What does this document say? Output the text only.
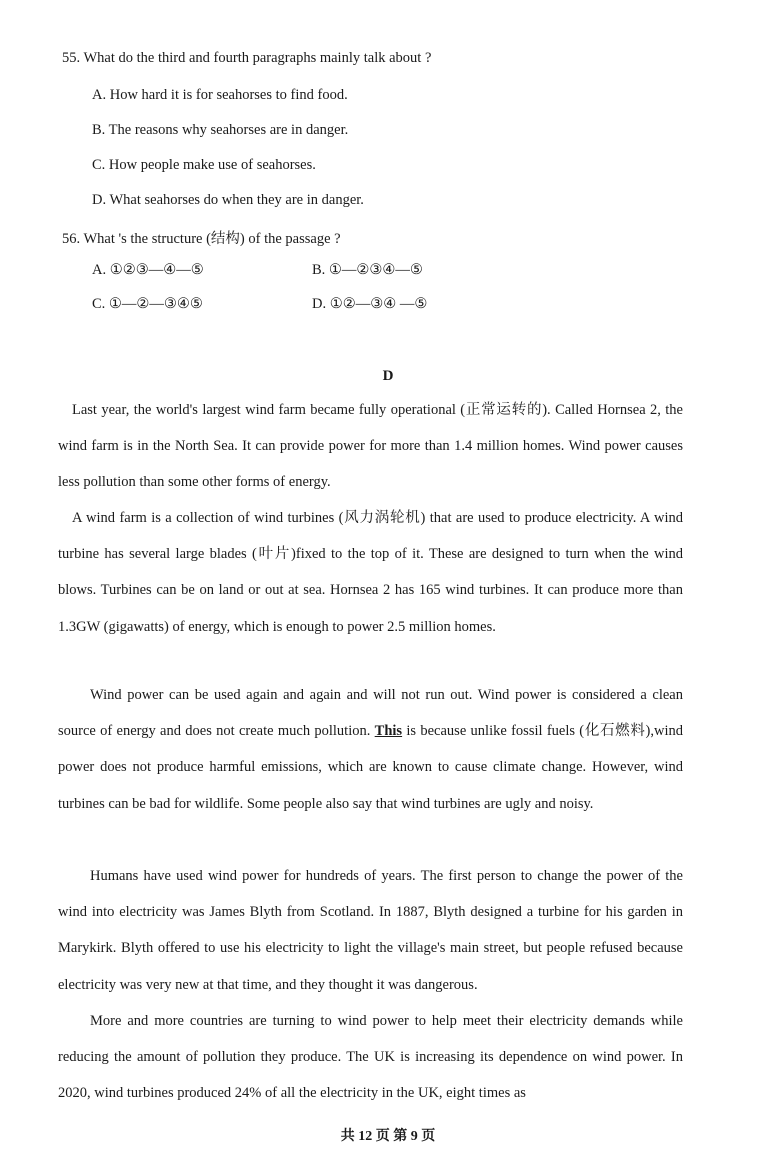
55. What do the third and fourth paragraphs mainly talk about ?
A. How hard it is for seahorses to find food.
B. The reasons why seahorses are in danger.
C. How people make use of seahorses.
D. What seahorses do when they are in danger.
56. What 's the structure (结构) of the passage ?
A. ①②③—④—⑤	B. ①—②③④—⑤
C. ①—②—③④⑤	D. ①②—③④ —⑤
D
Last year, the world's largest wind farm became fully operational (正常运转的). Called Hornsea 2, the wind farm is in the North Sea. It can provide power for more than 1.4 million homes. Wind power causes less pollution than some other forms of energy.
A wind farm is a collection of wind turbines (风力涡轮机) that are used to produce electricity. A wind turbine has several large blades (叶片)fixed to the top of it. These are designed to turn when the wind blows. Turbines can be on land or out at sea. Hornsea 2 has 165 wind turbines. It can produce more than 1.3GW (gigawatts) of energy, which is enough to power 2.5 million homes.
Wind power can be used again and again and will not run out. Wind power is considered a clean source of energy and does not create much pollution. This is because unlike fossil fuels (化石燃料),wind power does not produce harmful emissions, which are known to cause climate change. However, wind turbines can be bad for wildlife. Some people also say that wind turbines are ugly and noisy.
Humans have used wind power for hundreds of years. The first person to change the power of the wind into electricity was James Blyth from Scotland. In 1887, Blyth designed a turbine for his garden in Marykirk. Blyth offered to use his electricity to light the village's main street, but people refused because electricity was very new at that time, and they thought it was dangerous.
More and more countries are turning to wind power to help meet their electricity demands while reducing the amount of pollution they produce. The UK is increasing its dependence on wind power. In 2020, wind turbines produced 24% of all the electricity in the UK, eight times as
共 12 页 第 9 页
